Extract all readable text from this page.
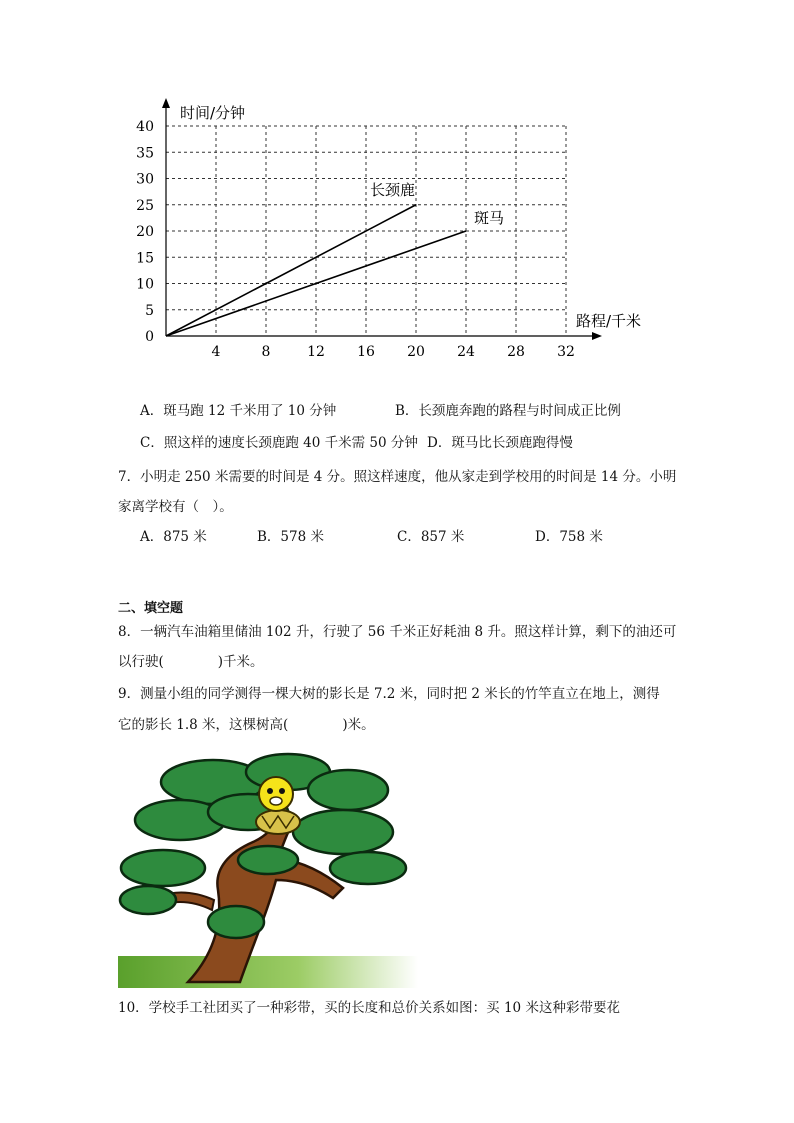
0
5
10
15
20
25
30
35
40
4	8	12 16 20 24 28 32
时间/分钟
路程/千米
长颈鹿
斑马
A．斑马跑 12 千米用了 10 分钟	B．长颈鹿奔跑的路程与时间成正比例
C．照这样的速度长颈鹿跑 40 千米需 50 分钟 D．斑马比长颈鹿跑得慢
7．小明走 250 米需要的时间是 4 分。照这样速度，他从家走到学校用的时间是 14 分。小明
家离学校有（　）。
A．875 米	B．578 米	C．857 米	D．758 米
二、填空题
8．一辆汽车油箱里储油 102 升，行驶了 56 千米正好耗油 8 升。照这样计算，剩下的油还可
以行驶(　　　　)千米。
9．测量小组的同学测得一棵大树的影长是 7.2 米，同时把 2 米长的竹竿直立在地上，测得
它的影长 1.8 米，这棵树高(　　　　)米。
10．学校手工社团买了一种彩带，买的长度和总价关系如图：买 10 米这种彩带要花
